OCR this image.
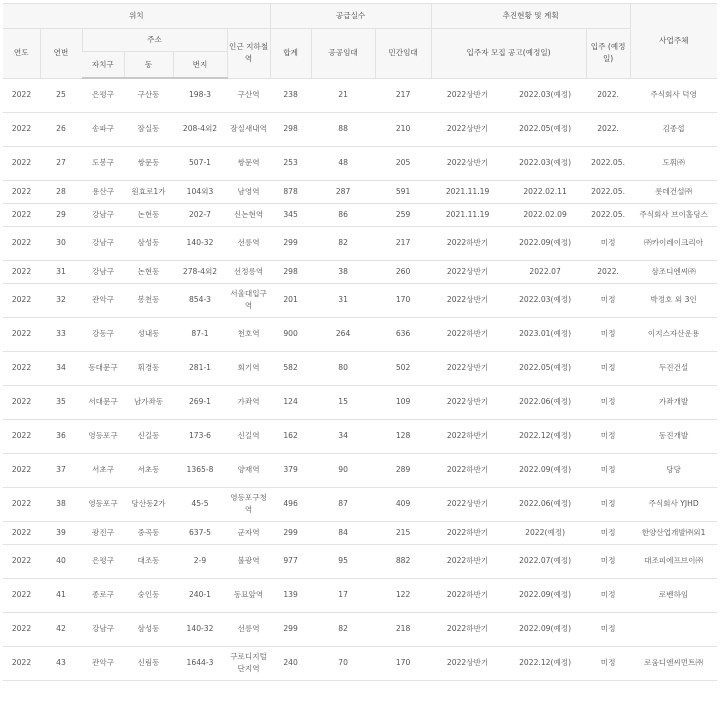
위치						공급실수			추진현황 및 계획			사업주체
연도	연번	주소			인근 지하철역	합계	공공임대	민간임대	입주자 모집 공고(예정일)		입주 (예정일)	
		자치구	동	번지								
2022	25	은평구	구산동	198-3	구산역	238	21	217	2022상반기	2022.03(예정)	2022.	주식회사 덕영
2022	26	송파구	잠실동	208-4외2	잠실새내역	298	88	210	2022상반기	2022.05(예정)	2022.	김종섭
2022	27	도봉구	쌍문동	507-1	쌍문역	253	48	205	2022상반기	2022.03(예정)	2022.05.	도휘㈜
2022	28	용산구	원효로1가	104외3	남영역	878	287	591	2021.11.19	2022.02.11	2022.05.	롯데건설㈜
2022	29	강남구	논현동	202-7	신논현역	345	86	259	2021.11.19	2022.02.09	2022.05.	주식회사 브이홀딩스
2022	30	강남구	삼성동	140-32	선릉역	299	82	217	2022하반기	2022.09(예정)	미정	㈜카이레이크리아
2022	31	강남구	논현동	278-4외2	선정릉역	298	38	260	2022상반기	2022.07	2022.	삼조디엔씨㈜
2022	32	관악구	봉천동	854-3	서울대입구역	201	31	170	2022상반기	2022.03(예정)	미정	박정호 외 3인
2022	33	강동구	성내동	87-1	천호역	900	264	636	2022하반기	2023.01(예정)	미정	이지스자산운용
2022	34	동대문구	휘경동	281-1	회기역	582	80	502	2022상반기	2022.05(예정)	미정	두진건설
2022	35	서대문구	남가좌동	269-1	가좌역	124	15	109	2022상반기	2022.06(예정)	미정	가좌개발
2022	36	영등포구	신길동	173-6	신길역	162	34	128	2022하반기	2022.12(예정)	미정	동진개발
2022	37	서초구	서초동	1365-8	양재역	379	90	289	2022하반기	2022.09(예정)	미정	당당
2022	38	영등포구	당산동2가	45-5	영등포구청역	496	87	409	2022상반기	2022.06(예정)	미정	주식회사 YJHD
2022	39	광진구	중곡동	637-5	군자역	299	84	215	2022하반기	2022(예정)	미정	한양산업개발㈜외1
2022	40	은평구	대조동	2-9	불광역	977	95	882	2022하반기	2022.07(예정)	미정	대조피에프브이㈜
2022	41	종로구	숭인동	240-1	동묘앞역	139	17	122	2022하반기	2022.09(예정)	미정	로벤하임
2022	42	강남구	삼성동	140-32	선릉역	299	82	218	2022하반기	2022.09(예정)	미정	
2022	43	관악구	신림동	1644-3	구로디지털단지역	240	70	170	2022상반기	2022.12(예정)	미정	로움디엔씨먼트㈜
